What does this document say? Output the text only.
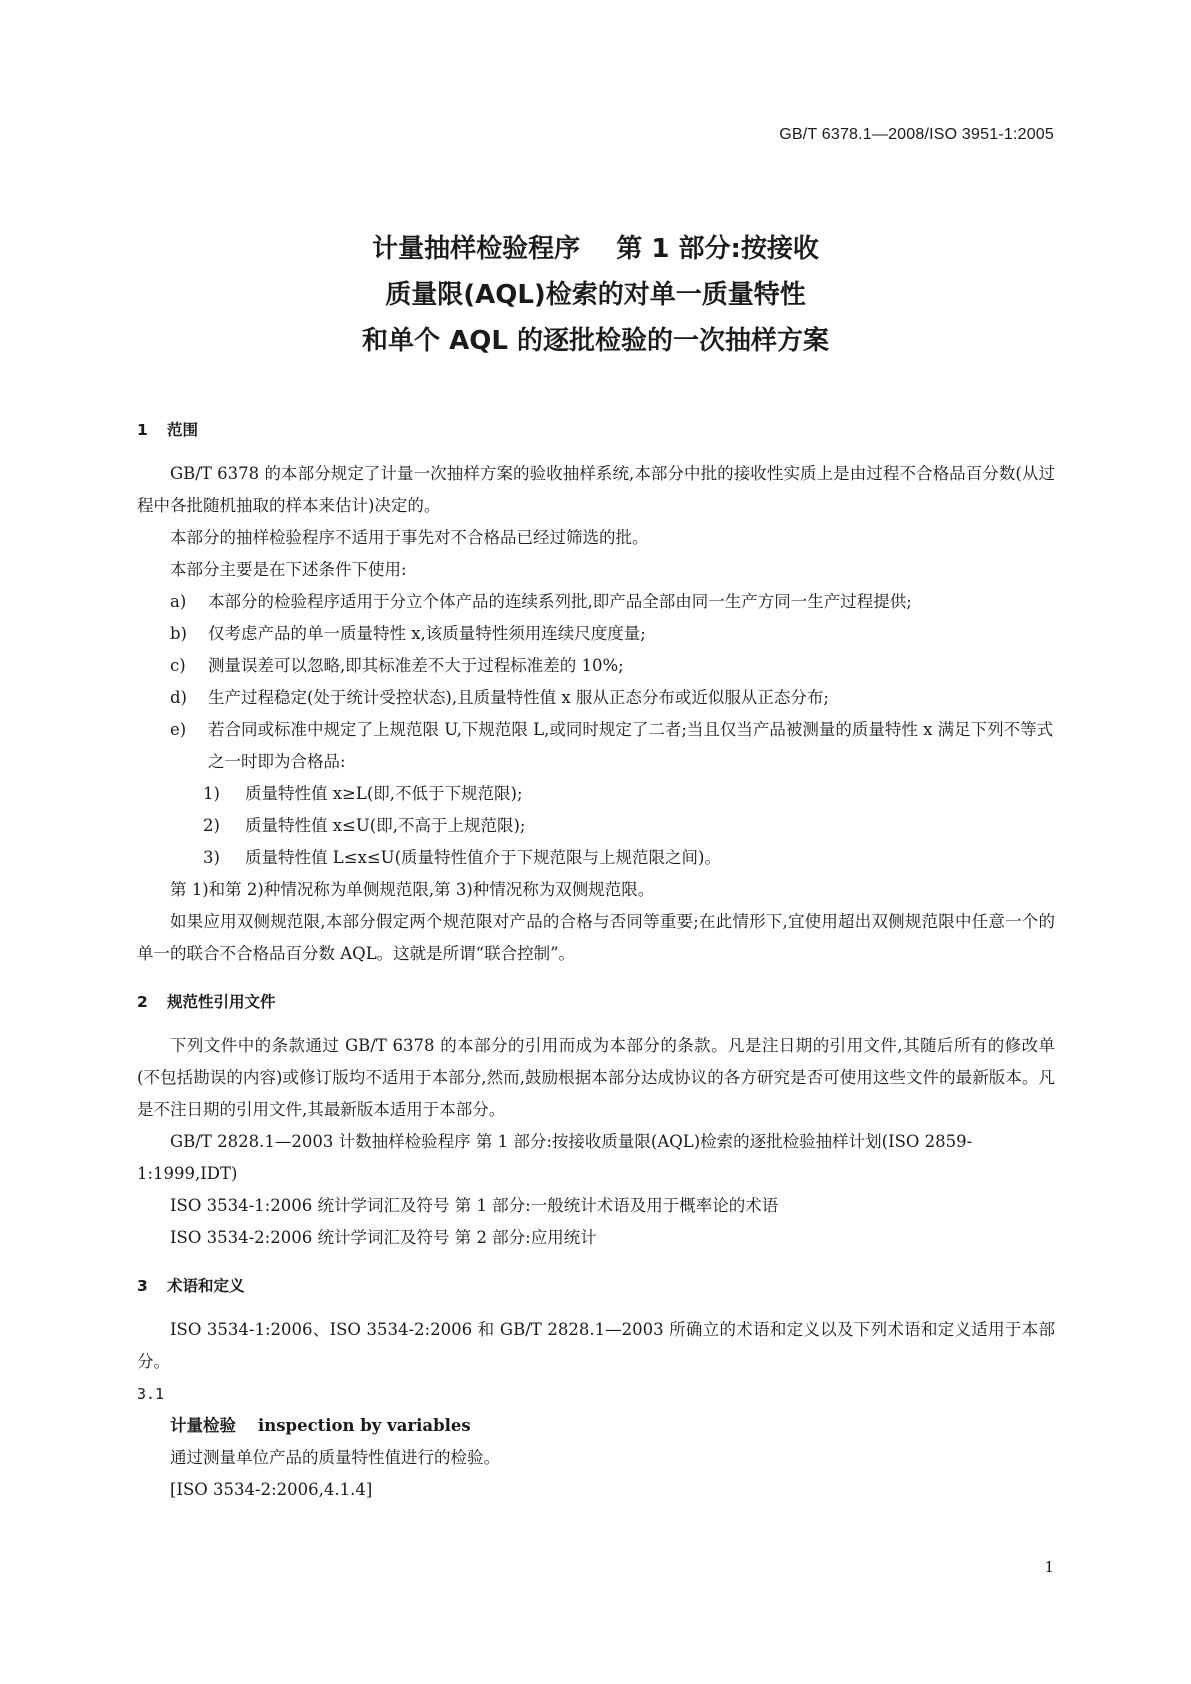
GB/T 6378.1—2008/ISO 3951-1:2005
计量抽样检验程序    第 1 部分:按接收
质量限(AQL)检索的对单一质量特性
和单个 AQL 的逐批检验的一次抽样方案
1 范围
GB/T 6378 的本部分规定了计量一次抽样方案的验收抽样系统,本部分中批的接收性实质上是由过程不合格品百分数(从过程中各批随机抽取的样本来估计)决定的。
本部分的抽样检验程序不适用于事先对不合格品已经过筛选的批。
本部分主要是在下述条件下使用:
a)	本部分的检验程序适用于分立个体产品的连续系列批,即产品全部由同一生产方同一生产过程提供;
b)	仅考虑产品的单一质量特性 x,该质量特性须用连续尺度度量;
c)	测量误差可以忽略,即其标准差不大于过程标准差的 10%;
d)	生产过程稳定(处于统计受控状态),且质量特性值 x 服从正态分布或近似服从正态分布;
e)	若合同或标准中规定了上规范限 U,下规范限 L,或同时规定了二者;当且仅当产品被测量的质量特性 x 满足下列不等式之一时即为合格品:
1)	质量特性值 x≥L(即,不低于下规范限);
2)	质量特性值 x≤U(即,不高于上规范限);
3)	质量特性值 L≤x≤U(质量特性值介于下规范限与上规范限之间)。
第 1)和第 2)种情况称为单侧规范限,第 3)种情况称为双侧规范限。
如果应用双侧规范限,本部分假定两个规范限对产品的合格与否同等重要;在此情形下,宜使用超出双侧规范限中任意一个的单一的联合不合格品百分数 AQL。这就是所谓“联合控制”。
2 规范性引用文件
下列文件中的条款通过 GB/T 6378 的本部分的引用而成为本部分的条款。凡是注日期的引用文件,其随后所有的修改单(不包括勘误的内容)或修订版均不适用于本部分,然而,鼓励根据本部分达成协议的各方研究是否可使用这些文件的最新版本。凡是不注日期的引用文件,其最新版本适用于本部分。
GB/T 2828.1—2003 计数抽样检验程序 第 1 部分:按接收质量限(AQL)检索的逐批检验抽样计划(ISO 2859-1:1999,IDT)
ISO 3534-1:2006 统计学词汇及符号 第 1 部分:一般统计术语及用于概率论的术语
ISO 3534-2:2006 统计学词汇及符号 第 2 部分:应用统计
3 术语和定义
ISO 3534-1:2006、ISO 3534-2:2006 和 GB/T 2828.1—2003 所确立的术语和定义以及下列术语和定义适用于本部分。
3.1
计量检验 inspection by variables
通过测量单位产品的质量特性值进行的检验。
[ISO 3534-2:2006,4.1.4]
1
